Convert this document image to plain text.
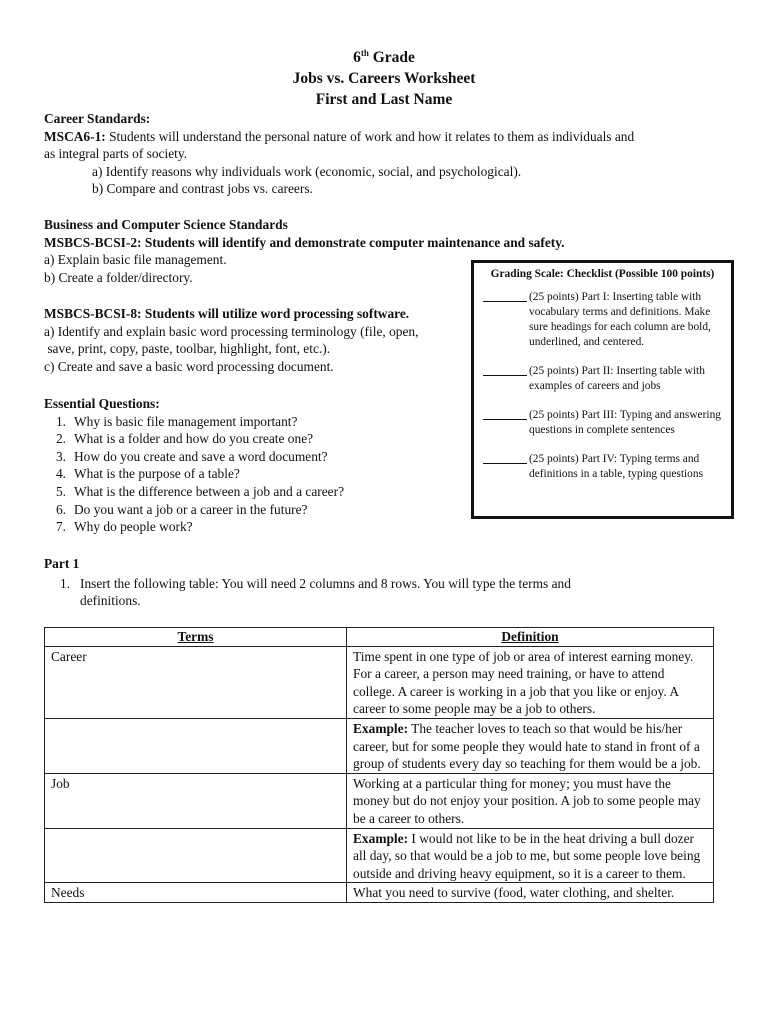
6th Grade
Jobs vs. Careers Worksheet
First and Last Name
Career Standards:
MSCA6-1: Students will understand the personal nature of work and how it relates to them as individuals and
as integral parts of society.
a) Identify reasons why individuals work (economic, social, and psychological).
b) Compare and contrast jobs vs. careers.
Business and Computer Science Standards
MSBCS-BCSI-2: Students will identify and demonstrate computer maintenance and safety.
a) Explain basic file management.
b) Create a folder/directory.
MSBCS-BCSI-8: Students will utilize word processing software.
a) Identify and explain basic word processing terminology (file, open,
save, print, copy, paste, toolbar, highlight, font, etc.).
c) Create and save a basic word processing document.
Essential Questions:
1. Why is basic file management important?
2. What is a folder and how do you create one?
3. How do you create and save a word document?
4. What is the purpose of a table?
5. What is the difference between a job and a career?
6. Do you want a job or a career in the future?
7. Why do people work?
Grading Scale: Checklist (Possible 100 points)
(25 points) Part I: Inserting table with vocabulary terms and definitions. Make sure headings for each column are bold, underlined, and centered.
(25 points) Part II: Inserting table with examples of careers and jobs
(25 points) Part III: Typing and answering questions in complete sentences
(25 points) Part IV: Typing terms and definitions in a table, typing questions
Part 1
1. Insert the following table: You will need 2 columns and 8 rows. You will type the terms and
definitions.
Terms	Definition
Career	Time spent in one type of job or area of interest earning money. For a career, a person may need training, or have to attend college. A career is working in a job that you like or enjoy. A career to some people may be a job to others.
	Example: The teacher loves to teach so that would be his/her career, but for some people they would hate to stand in front of a group of students every day so teaching for them would be a job.
Job	Working at a particular thing for money; you must have the money but do not enjoy your position. A job to some people may be a career to others.
	Example: I would not like to be in the heat driving a bull dozer all day, so that would be a job to me, but some people love being outside and driving heavy equipment, so it is a career to them.
Needs	What you need to survive (food, water clothing, and shelter.
